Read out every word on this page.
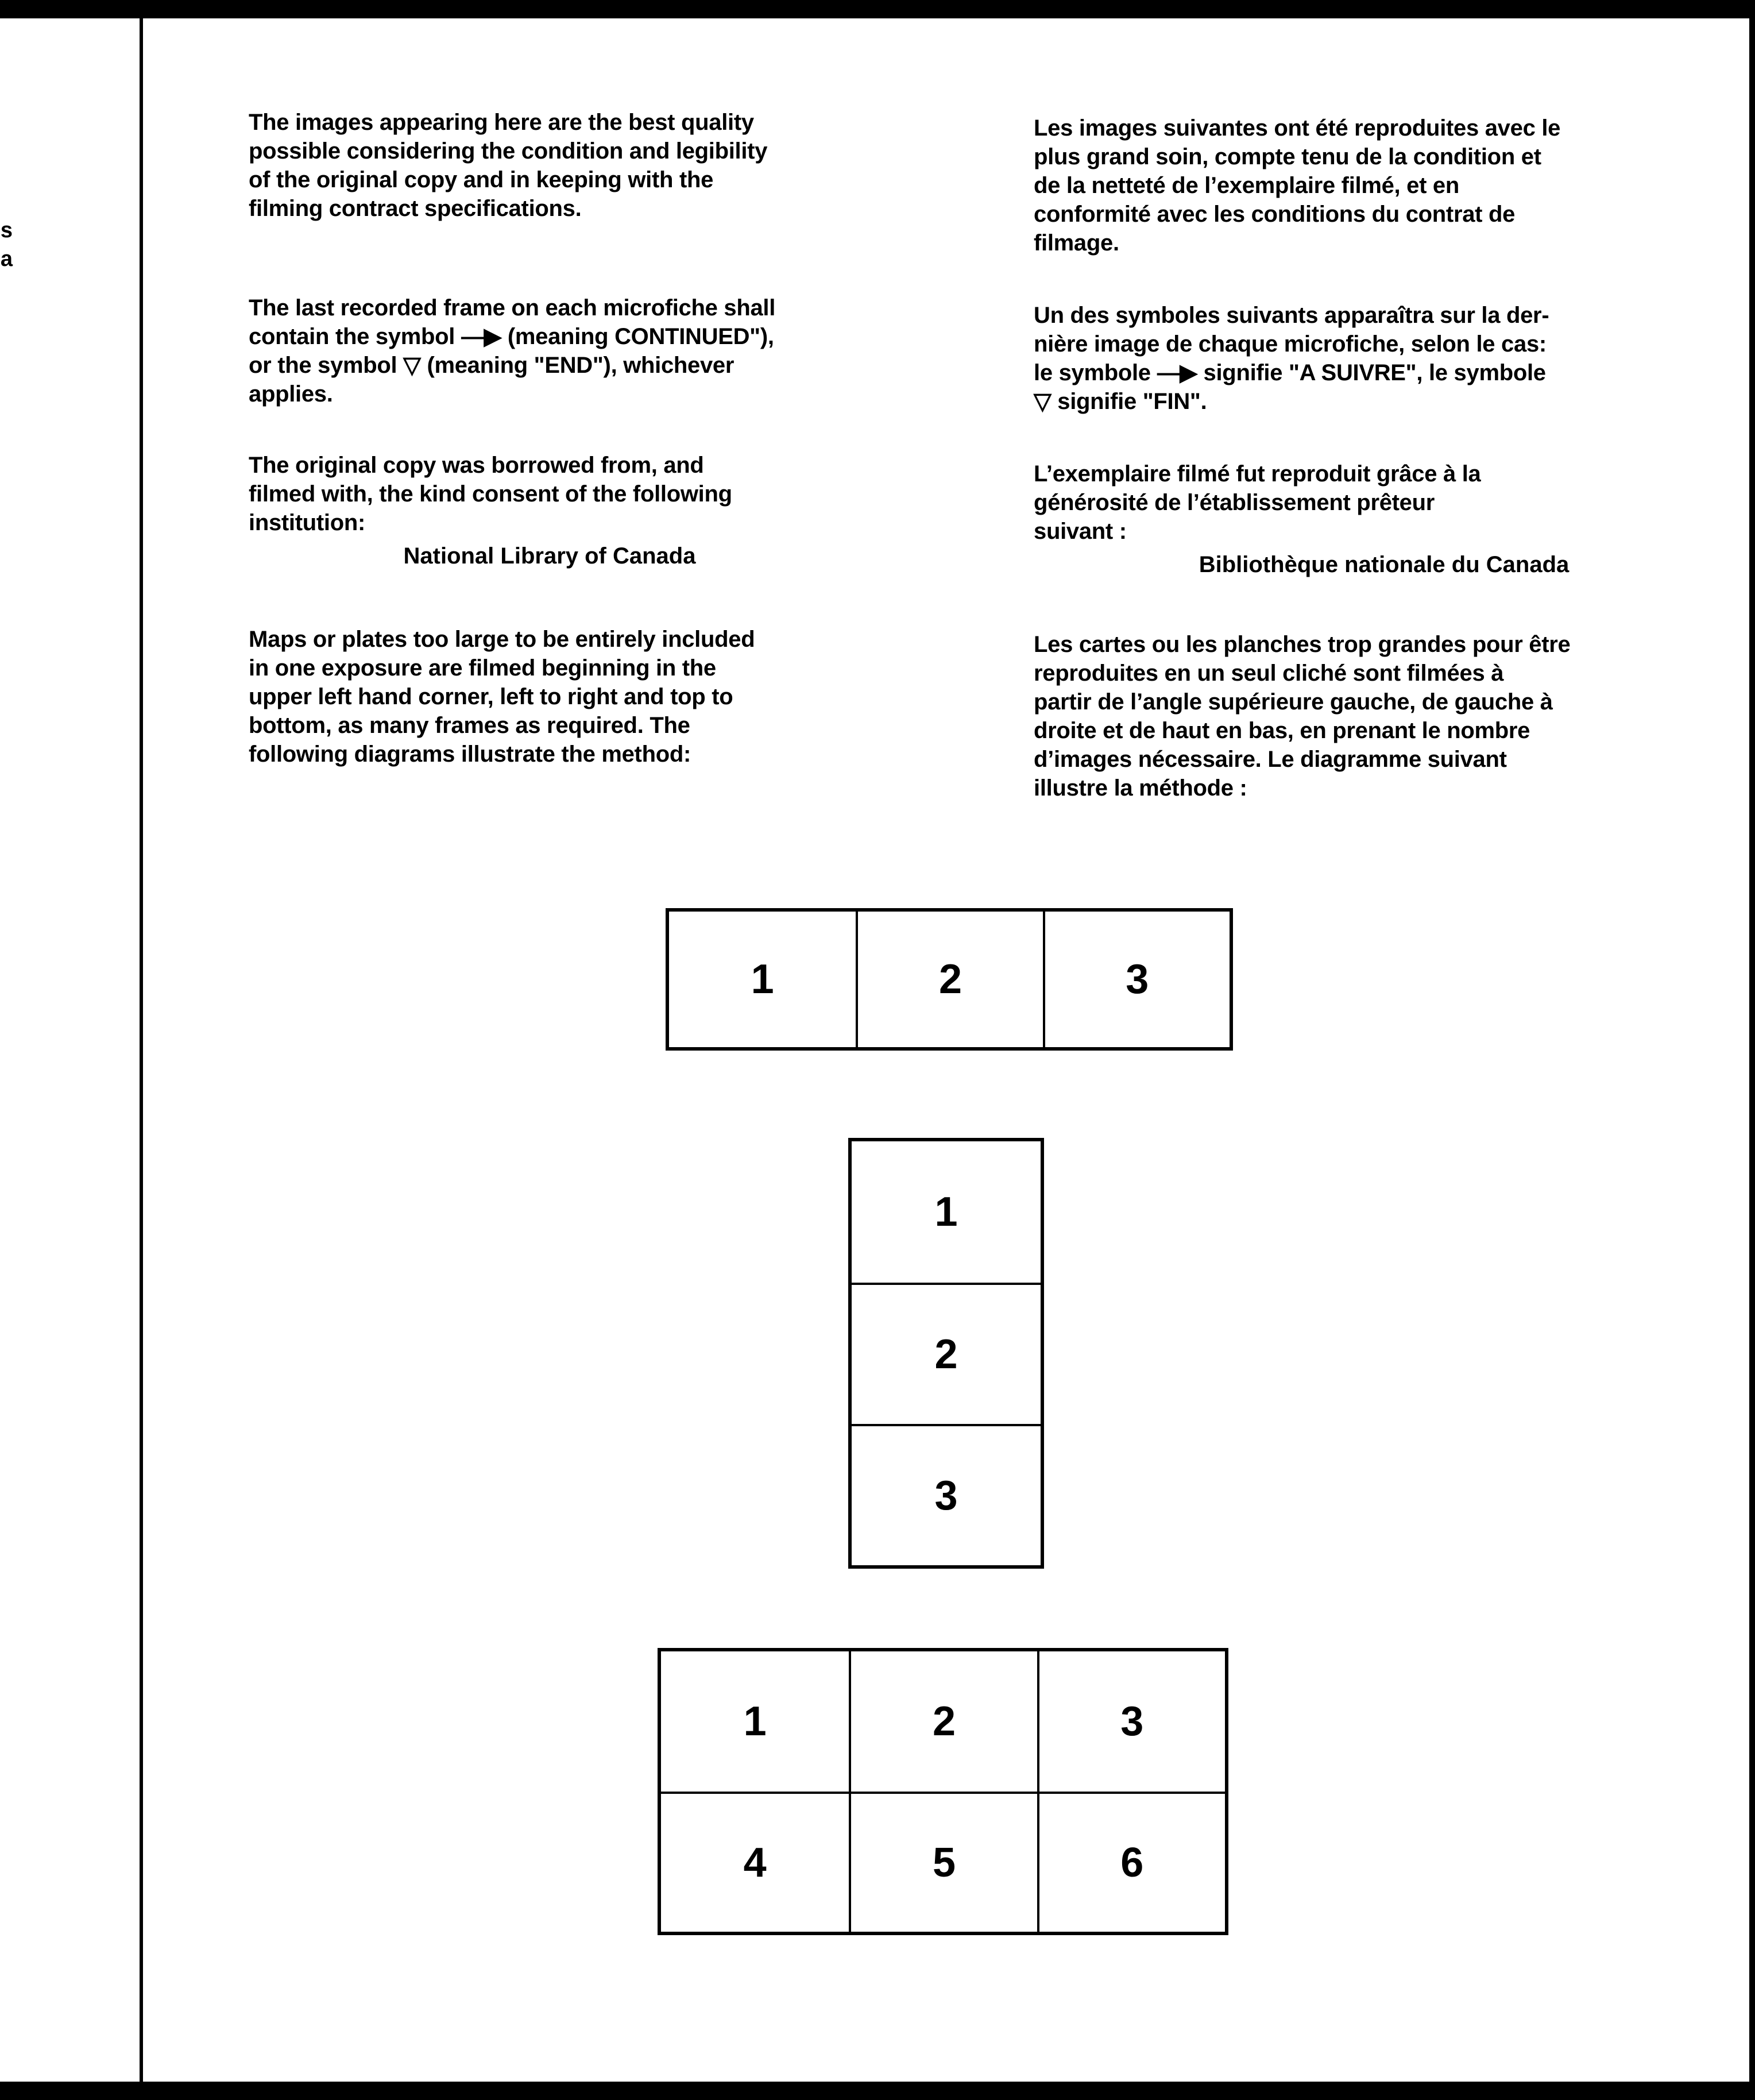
s
a

The images appearing here are the best quality
possible considering the condition and legibility
of the original copy and in keeping with the
filming contract specifications.

The last recorded frame on each microfiche shall
contain the symbol —▶ (meaning CONTINUED"),
or the symbol ▽ (meaning "END"), whichever
applies.

The original copy was borrowed from, and
filmed with, the kind consent of the following
institution:

National Library of Canada

Maps or plates too large to be entirely included
in one exposure are filmed beginning in the
upper left hand corner, left to right and top to
bottom, as many frames as required. The
following diagrams illustrate the method:

Les images suivantes ont été reproduites avec le
plus grand soin, compte tenu de la condition et
de la netteté de l’exemplaire filmé, et en
conformité avec les conditions du contrat de
filmage.

Un des symboles suivants apparaîtra sur la der-
nière image de chaque microfiche, selon le cas:
le symbole —▶ signifie "A SUIVRE", le symbole
▽ signifie "FIN".

L’exemplaire filmé fut reproduit grâce à la
générosité de l’établissement prêteur
suivant :

Bibliothèque nationale du Canada

Les cartes ou les planches trop grandes pour être
reproduites en un seul cliché sont filmées à
partir de l’angle supérieure gauche, de gauche à
droite et de haut en bas, en prenant le nombre
d’images nécessaire. Le diagramme suivant
illustre la méthode :

1	2	3
1
2
3
1	2	3
4	5	6
